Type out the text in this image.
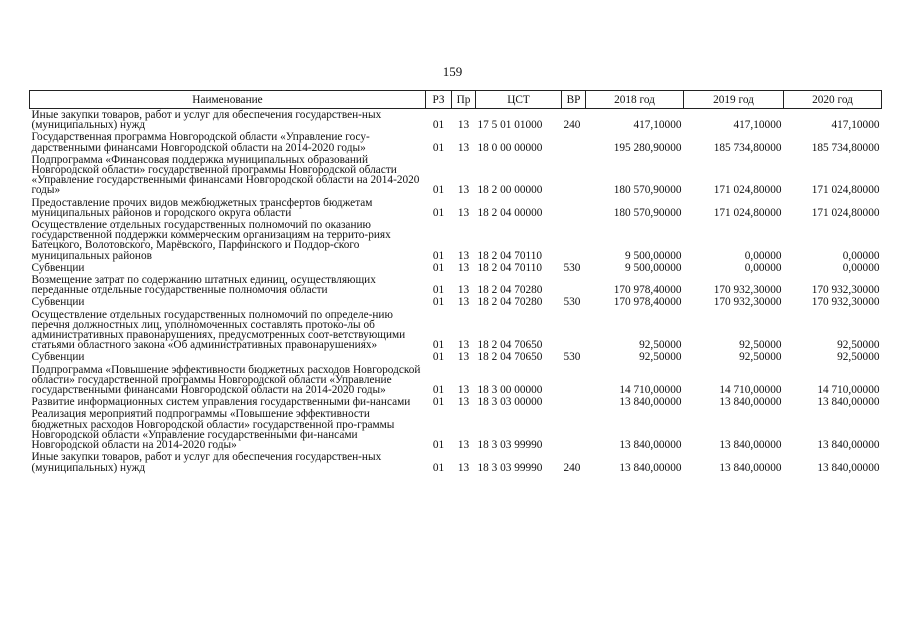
159
Наименование	РЗ	Пр	ЦСТ	ВР	2018 год	2019 год	2020 год
Иные закупки товаров, работ и услуг для обеспечения государствен-ных (муниципальных) нужд	01	13	17 5 01 01000	240	417,10000	417,10000	417,10000
Государственная программа Новгородской области «Управление госу-дарственными финансами Новгородской области на 2014-2020 годы»	01	13	18 0 00 00000		195 280,90000	185 734,80000	185 734,80000
Подпрограмма «Финансовая поддержка муниципальных образований Новгородской области» государственной программы Новгородской области «Управление государственными финансами Новгородской области на 2014-2020 годы»	01	13	18 2 00 00000		180 570,90000	171 024,80000	171 024,80000
Предоставление прочих видов межбюджетных трансфертов бюджетам муниципальных районов и городского округа области	01	13	18 2 04 00000		180 570,90000	171 024,80000	171 024,80000
Осуществление отдельных государственных полномочий по оказанию государственной поддержки коммерческим организациям на террито-риях Батецкого, Волотовского, Марёвского, Парфинского и Поддор-ского муниципальных районов	01	13	18 2 04 70110		9 500,00000	0,00000	0,00000
Субвенции	01	13	18 2 04 70110	530	9 500,00000	0,00000	0,00000
Возмещение затрат по содержанию штатных единиц, осуществляющих переданные отдельные государственные полномочия области	01	13	18 2 04 70280		170 978,40000	170 932,30000	170 932,30000
Субвенции	01	13	18 2 04 70280	530	170 978,40000	170 932,30000	170 932,30000
Осуществление отдельных государственных полномочий по определе-нию перечня должностных лиц, уполномоченных составлять протоко-лы об административных правонарушениях, предусмотренных соот-ветствующими статьями областного закона «Об административных правонарушениях»	01	13	18 2 04 70650		92,50000	92,50000	92,50000
Субвенции	01	13	18 2 04 70650	530	92,50000	92,50000	92,50000
Подпрограмма «Повышение эффективности бюджетных расходов Новгородской области» государственной программы Новгородской области «Управление государственными финансами Новгородской области на 2014-2020 годы»	01	13	18 3 00 00000		14 710,00000	14 710,00000	14 710,00000
Развитие информационных систем управления государственными фи-нансами	01	13	18 3 03 00000		13 840,00000	13 840,00000	13 840,00000
Реализация мероприятий подпрограммы «Повышение эффективности бюджетных расходов Новгородской области» государственной про-граммы Новгородской области «Управление государственными фи-нансами Новгородской области на 2014-2020 годы»	01	13	18 3 03 99990		13 840,00000	13 840,00000	13 840,00000
Иные закупки товаров, работ и услуг для обеспечения государствен-ных (муниципальных) нужд	01	13	18 3 03 99990	240	13 840,00000	13 840,00000	13 840,00000
